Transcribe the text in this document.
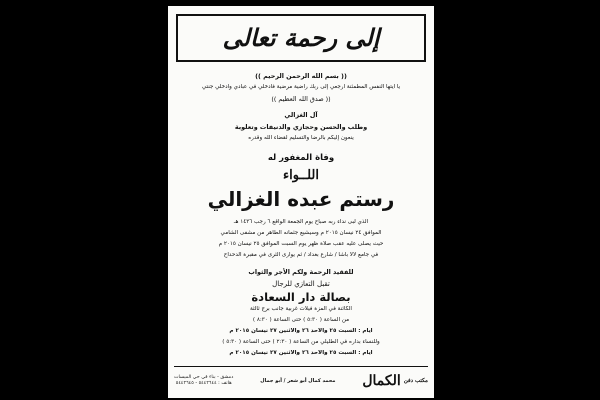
إلى رحمة تعالى
(( بسم الله الرحمن الرحيم ))
يا أيتها النفس المطمئنة ارجعي إلى ربك راضية مرضية فادخلي في عبادي وادخلي جنتي
(( صدق الله العظيم ))
آل الغزالي
وطلب والحسن وحجازي والدنيفات وتعلوبة
ينعون إليكم بالرضا والتسليم لقضاء الله وقدره
وفاة المغفور له
اللــواء
رستم عبده الغزالي
الذي لبى نداء ربه صباح يوم الجمعة الواقع ٦ رجب ١٤٣٦ هـ
الموافق ٢٤ نيسان ٢٠١٥ م وسيشيع جثمانه الطاهر من مشفى الشامي
حيث يصلى عليه عقب صلاة ظهر يوم السبت الموافق ٢٥ نيسان ٢٠١٥ م
في جامع لالا باشا / شارع بغداد / ثم يوارى الثرى في مقبرة الدحداح
للفقيد الرحمة ولكم الأجر والثواب
تقبل التعازي للرجال
بصالة دار السعادة
الكائنة في المزة فيلات غربية جانب برج ثالثة
من الساعة ( ٥:٣٠ ) حتى الساعة ( ٨:٣٠ )
أيام : السبت ٢٥ والأحد ٢٦ والاثنين ٢٧ نيسان ٢٠١٥ م
وللنساء بداره في الطليلي من الساعة ( ٢:٣٠ ) حتى الساعة ( ٥:٣٠ )
أيام : السبت ٢٥ والأحد ٢٦ والاثنين ٢٧ نيسان ٢٠١٥ م
مكتب دفن
الكمال
محمد كمال أبو شعر / أبو جمال
دمشق - بناء في حي الميسات
هاتف : ٥٤٤٢٦٤٤ - ٥٤٤٢٦٤٥
